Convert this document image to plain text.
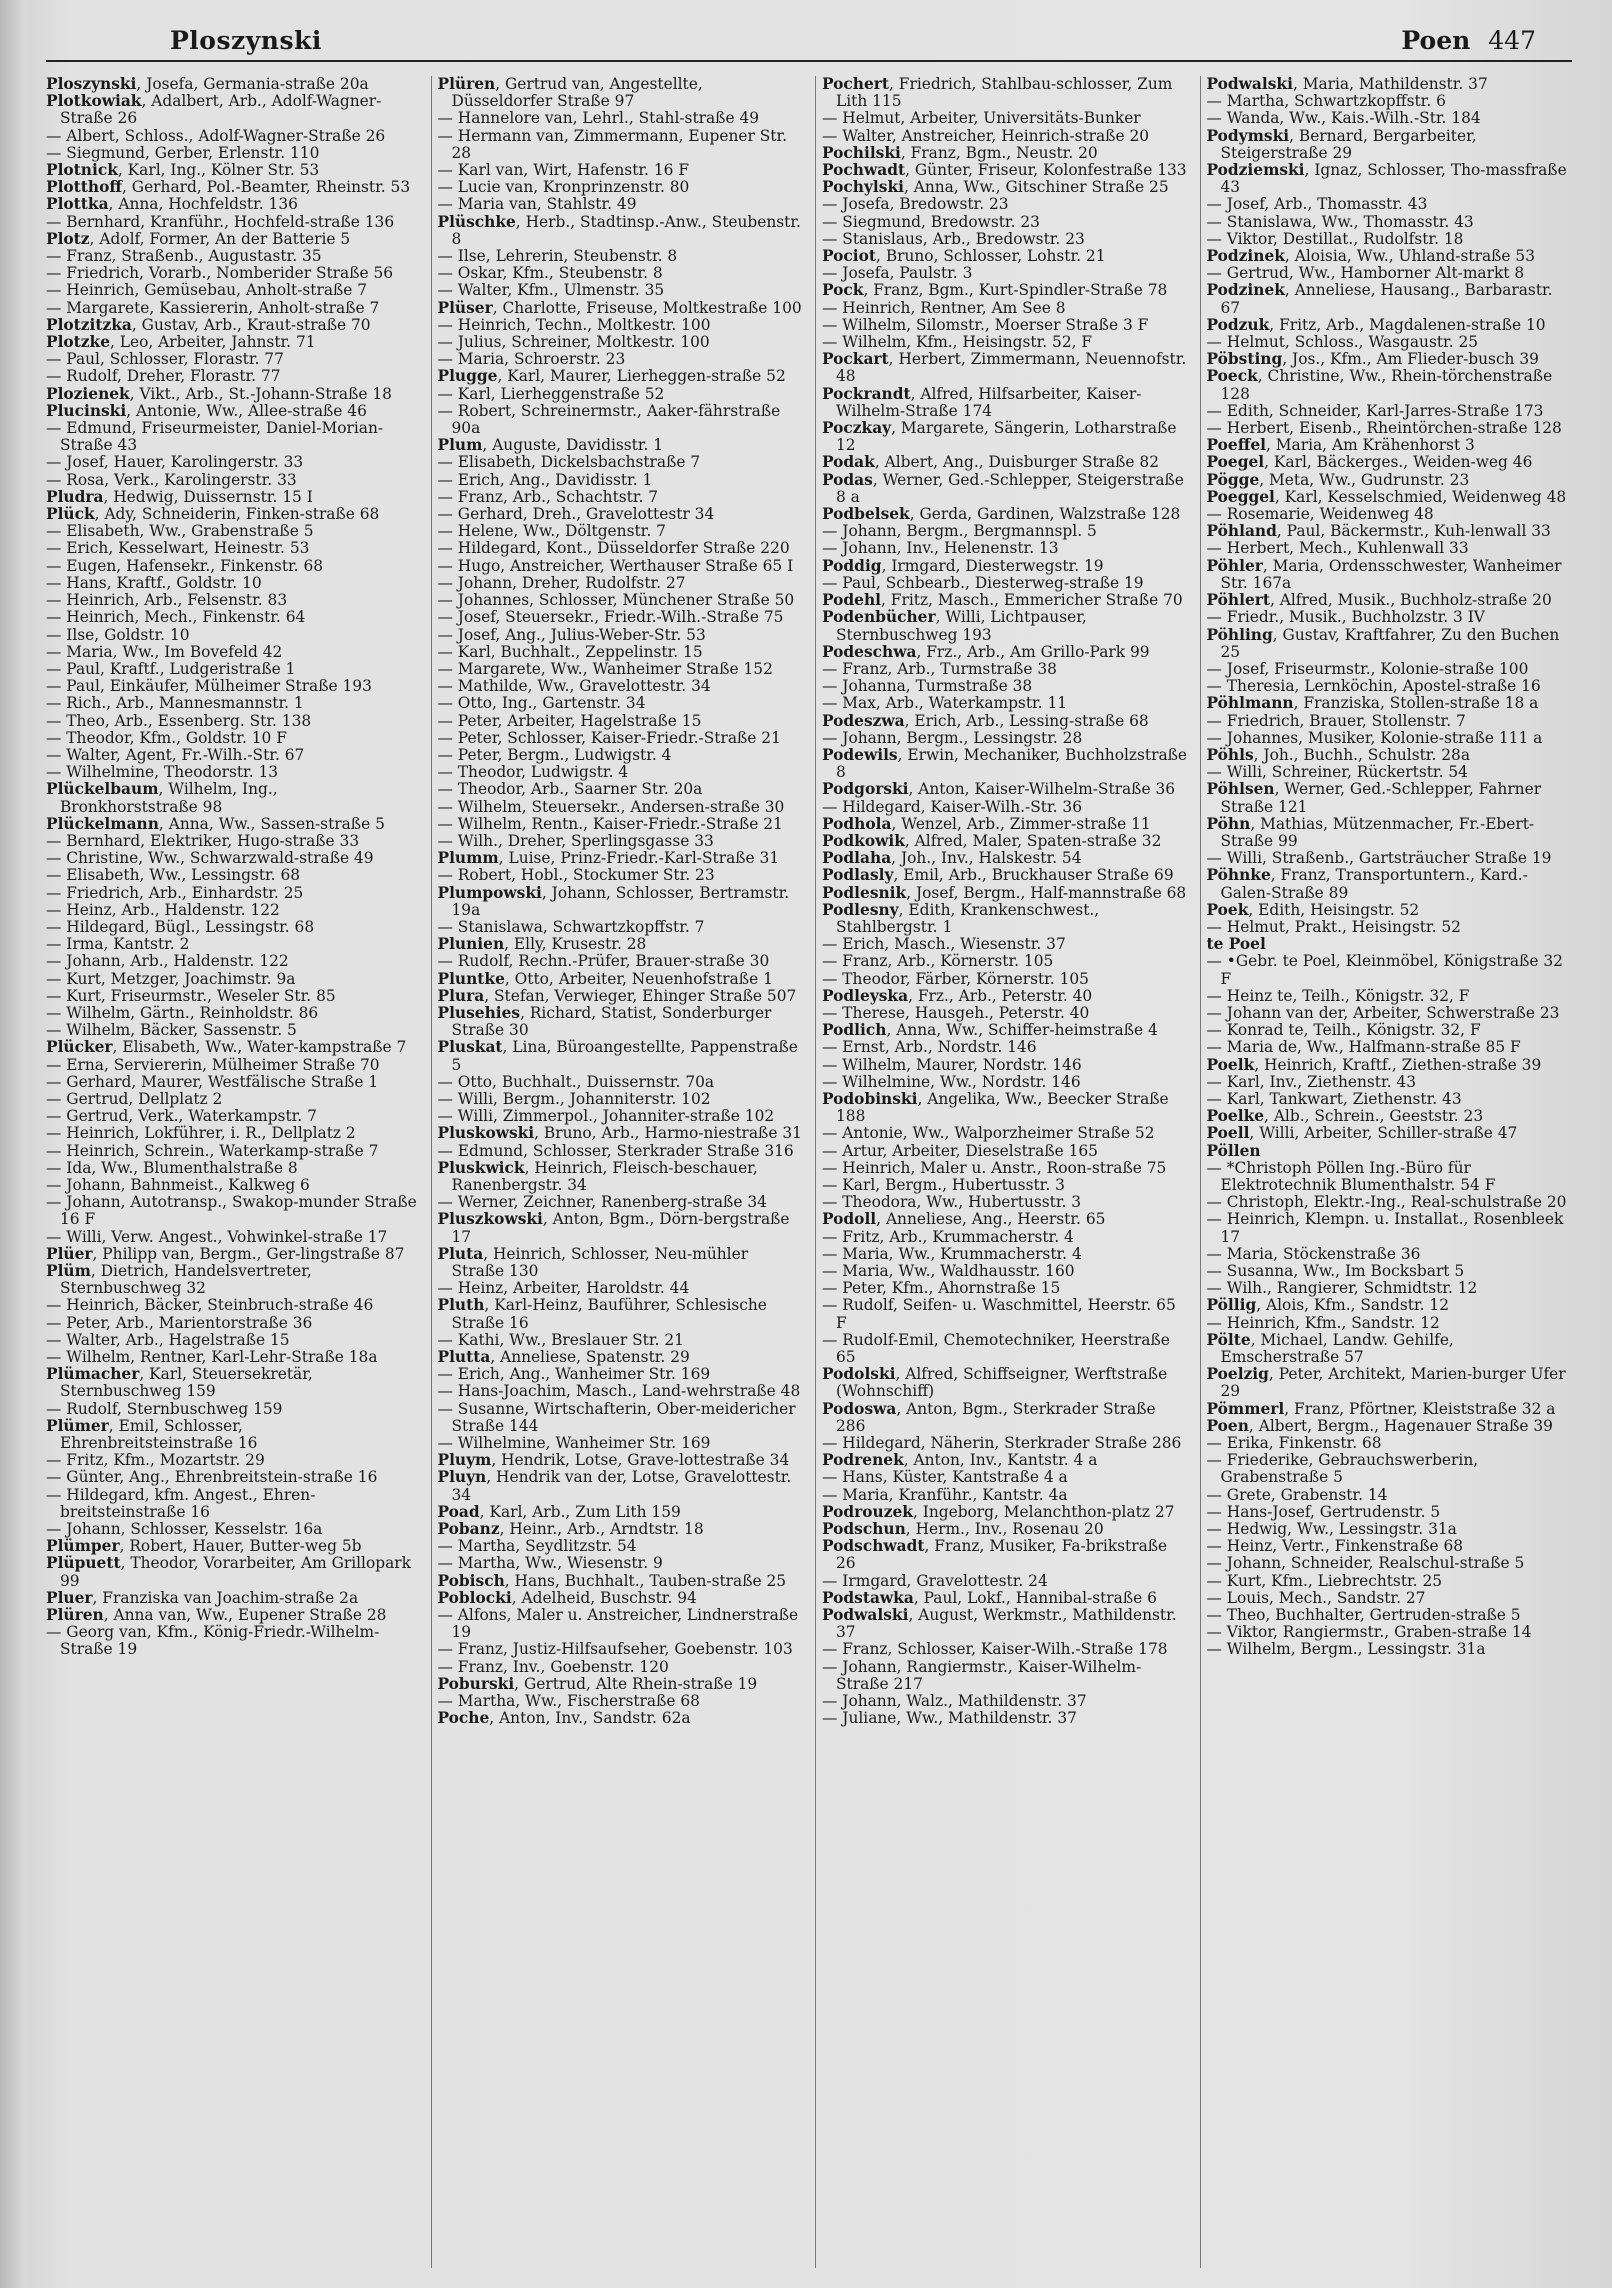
Ploszynski	Poen 447
Ploszynski, Josefa, Germania-straße 20a
Plotkowiak, Adalbert, Arb., Adolf-Wagner-Straße 26
— Albert, Schloss., Adolf-Wagner-Straße 26
— Siegmund, Gerber, Erlenstr. 110
Plotnick, Karl, Ing., Kölner Str. 53
Plotthoff, Gerhard, Pol.-Beamter, Rheinstr. 53
Plottka, Anna, Hochfeldstr. 136
— Bernhard, Kranführ., Hochfeld-straße 136
Plotz, Adolf, Former, An der Batterie 5
— Franz, Straßenb., Augustastr. 35
— Friedrich, Vorarb., Nomberider Straße 56
— Heinrich, Gemüsebau, Anholt-straße 7
— Margarete, Kassiererin, Anholt-straße 7
Plotzitzka, Gustav, Arb., Kraut-straße 70
Plotzke, Leo, Arbeiter, Jahnstr. 71
— Paul, Schlosser, Florastr. 77
— Rudolf, Dreher, Florastr. 77
Plozienek, Vikt., Arb., St.-Johann-Straße 18
Plucinski, Antonie, Ww., Allee-straße 46
— Edmund, Friseurmeister, Daniel-Morian-Straße 43
— Josef, Hauer, Karolingerstr. 33
— Rosa, Verk., Karolingerstr. 33
Pludra, Hedwig, Duissernstr. 15 I
Plück, Ady, Schneiderin, Finken-straße 68
— Elisabeth, Ww., Grabenstraße 5
— Erich, Kesselwart, Heinestr. 53
— Eugen, Hafensekr., Finkenstr. 68
— Hans, Kraftf., Goldstr. 10
— Heinrich, Arb., Felsenstr. 83
— Heinrich, Mech., Finkenstr. 64
— Ilse, Goldstr. 10
— Maria, Ww., Im Bovefeld 42
— Paul, Kraftf., Ludgeristraße 1
— Paul, Einkäufer, Mülheimer Straße 193
— Rich., Arb., Mannesmannstr. 1
— Theo, Arb., Essenberg. Str. 138
— Theodor, Kfm., Goldstr. 10 F
— Walter, Agent, Fr.-Wilh.-Str. 67
— Wilhelmine, Theodorstr. 13
Plückelbaum, Wilhelm, Ing., Bronkhorststraße 98
Plückelmann, Anna, Ww., Sassen-straße 5
— Bernhard, Elektriker, Hugo-straße 33
— Christine, Ww., Schwarzwald-straße 49
— Elisabeth, Ww., Lessingstr. 68
— Friedrich, Arb., Einhardstr. 25
— Heinz, Arb., Haldenstr. 122
— Hildegard, Bügl., Lessingstr. 68
— Irma, Kantstr. 2
— Johann, Arb., Haldenstr. 122
— Kurt, Metzger, Joachimstr. 9a
— Kurt, Friseurmstr., Weseler Str. 85
— Wilhelm, Gärtn., Reinholdstr. 86
— Wilhelm, Bäcker, Sassenstr. 5
Plücker, Elisabeth, Ww., Water-kampstraße 7
— Erna, Serviererin, Mülheimer Straße 70
— Gerhard, Maurer, Westfälische Straße 1
— Gertrud, Dellplatz 2
— Gertrud, Verk., Waterkampstr. 7
— Heinrich, Lokführer, i. R., Dellplatz 2
— Heinrich, Schrein., Waterkamp-straße 7
— Ida, Ww., Blumenthalstraße 8
— Johann, Bahnmeist., Kalkweg 6
— Johann, Autotransp., Swakop-munder Straße 16 F
— Willi, Verw. Angest., Vohwinkel-straße 17
Plüer, Philipp van, Bergm., Ger-lingstraße 87
Plüm, Dietrich, Handelsvertreter, Sternbuschweg 32
— Heinrich, Bäcker, Steinbruch-straße 46
— Peter, Arb., Marientorstraße 36
— Walter, Arb., Hagelstraße 15
— Wilhelm, Rentner, Karl-Lehr-Straße 18a
Plümacher, Karl, Steuersekretär, Sternbuschweg 159
— Rudolf, Sternbuschweg 159
Plümer, Emil, Schlosser, Ehrenbreitsteinstraße 16
— Fritz, Kfm., Mozartstr. 29
— Günter, Ang., Ehrenbreitstein-straße 16
— Hildegard, kfm. Angest., Ehren-breitsteinstraße 16
— Johann, Schlosser, Kesselstr. 16a
Plümper, Robert, Hauer, Butter-weg 5b
Plüpuett, Theodor, Vorarbeiter, Am Grillopark 99
Pluer, Franziska van Joachim-straße 2a
Plüren, Anna van, Ww., Eupener Straße 28
— Georg van, Kfm., König-Friedr.-Wilhelm-Straße 19
Plüren, Gertrud van, Angestellte, Düsseldorfer Straße 97
— Hannelore van, Lehrl., Stahl-straße 49
— Hermann van, Zimmermann, Eupener Str. 28
— Karl van, Wirt, Hafenstr. 16 F
— Lucie van, Kronprinzenstr. 80
— Maria van, Stahlstr. 49
Plüschke, Herb., Stadtinsp.-Anw., Steubenstr. 8
— Ilse, Lehrerin, Steubenstr. 8
— Oskar, Kfm., Steubenstr. 8
— Walter, Kfm., Ulmenstr. 35
Plüser, Charlotte, Friseuse, Moltkestraße 100
— Heinrich, Techn., Moltkestr. 100
— Julius, Schreiner, Moltkestr. 100
— Maria, Schroerstr. 23
Plugge, Karl, Maurer, Lierheggen-straße 52
— Karl, Lierheggenstraße 52
— Robert, Schreinermstr., Aaker-fährstraße 90a
Plum, Auguste, Davidisstr. 1
— Elisabeth, Dickelsbachstraße 7
— Erich, Ang., Davidisstr. 1
— Franz, Arb., Schachtstr. 7
— Gerhard, Dreh., Gravelottestr 34
— Helene, Ww., Döltgenstr. 7
— Hildegard, Kont., Düsseldorfer Straße 220
— Hugo, Anstreicher, Werthauser Straße 65 I
— Johann, Dreher, Rudolfstr. 27
— Johannes, Schlosser, Münchener Straße 50
— Josef, Steuersekr., Friedr.-Wilh.-Straße 75
— Josef, Ang., Julius-Weber-Str. 53
— Karl, Buchhalt., Zeppelinstr. 15
— Margarete, Ww., Wanheimer Straße 152
— Mathilde, Ww., Gravelottestr. 34
— Otto, Ing., Gartenstr. 34
— Peter, Arbeiter, Hagelstraße 15
— Peter, Schlosser, Kaiser-Friedr.-Straße 21
— Peter, Bergm., Ludwigstr. 4
— Theodor, Ludwigstr. 4
— Theodor, Arb., Saarner Str. 20a
— Wilhelm, Steuersekr., Andersen-straße 30
— Wilhelm, Rentn., Kaiser-Friedr.-Straße 21
— Wilh., Dreher, Sperlingsgasse 33
Plumm, Luise, Prinz-Friedr.-Karl-Straße 31
— Robert, Hobl., Stockumer Str. 23
Plumpowski, Johann, Schlosser, Bertramstr. 19a
— Stanislawa, Schwartzkopffstr. 7
Plunien, Elly, Krusestr. 28
— Rudolf, Rechn.-Prüfer, Brauer-straße 30
Pluntke, Otto, Arbeiter, Neuenhofstraße 1
Plura, Stefan, Verwieger, Ehinger Straße 507
Plusehies, Richard, Statist, Sonderburger Straße 30
Pluskat, Lina, Büroangestellte, Pappenstraße 5
— Otto, Buchhalt., Duissernstr. 70a
— Willi, Bergm., Johanniterstr. 102
— Willi, Zimmerpol., Johanniter-straße 102
Pluskowski, Bruno, Arb., Harmo-niestraße 31
— Edmund, Schlosser, Sterkrader Straße 316
Pluskwick, Heinrich, Fleisch-beschauer, Ranenbergstr. 34
— Werner, Zeichner, Ranenberg-straße 34
Pluszkowski, Anton, Bgm., Dörn-bergstraße 17
Pluta, Heinrich, Schlosser, Neu-mühler Straße 130
— Heinz, Arbeiter, Haroldstr. 44
Pluth, Karl-Heinz, Bauführer, Schlesische Straße 16
— Kathi, Ww., Breslauer Str. 21
Plutta, Anneliese, Spatenstr. 29
— Erich, Ang., Wanheimer Str. 169
— Hans-Joachim, Masch., Land-wehrstraße 48
— Susanne, Wirtschafterin, Ober-meidericher Straße 144
— Wilhelmine, Wanheimer Str. 169
Pluym, Hendrik, Lotse, Grave-lottestraße 34
Pluyn, Hendrik van der, Lotse, Gravelottestr. 34
Poad, Karl, Arb., Zum Lith 159
Pobanz, Heinr., Arb., Arndtstr. 18
— Martha, Seydlitzstr. 54
— Martha, Ww., Wiesenstr. 9
Pobisch, Hans, Buchhalt., Tauben-straße 25
Poblocki, Adelheid, Buschstr. 94
— Alfons, Maler u. Anstreicher, Lindnerstraße 19
— Franz, Justiz-Hilfsaufseher, Goebenstr. 103
— Franz, Inv., Goebenstr. 120
Poburski, Gertrud, Alte Rhein-straße 19
— Martha, Ww., Fischerstraße 68
Poche, Anton, Inv., Sandstr. 62a
Pochert, Friedrich, Stahlbau-schlosser, Zum Lith 115
— Helmut, Arbeiter, Universitäts-Bunker
— Walter, Anstreicher, Heinrich-straße 20
Pochilski, Franz, Bgm., Neustr. 20
Pochwadt, Günter, Friseur, Kolonfestraße 133
Pochylski, Anna, Ww., Gitschiner Straße 25
— Josefa, Bredowstr. 23
— Siegmund, Bredowstr. 23
— Stanislaus, Arb., Bredowstr. 23
Pociot, Bruno, Schlosser, Lohstr. 21
— Josefa, Paulstr. 3
Pock, Franz, Bgm., Kurt-Spindler-Straße 78
— Heinrich, Rentner, Am See 8
— Wilhelm, Silomstr., Moerser Straße 3 F
— Wilhelm, Kfm., Heisingstr. 52, F
Pockart, Herbert, Zimmermann, Neuennofstr. 48
Pockrandt, Alfred, Hilfsarbeiter, Kaiser-Wilhelm-Straße 174
Poczkay, Margarete, Sängerin, Lotharstraße 12
Podak, Albert, Ang., Duisburger Straße 82
Podas, Werner, Ged.-Schlepper, Steigerstraße 8 a
Podbelsek, Gerda, Gardinen, Walzstraße 128
— Johann, Bergm., Bergmannspl. 5
— Johann, Inv., Helenenstr. 13
Poddig, Irmgard, Diesterwegstr. 19
— Paul, Schbearb., Diesterweg-straße 19
Podehl, Fritz, Masch., Emmericher Straße 70
Podenbücher, Willi, Lichtpauser, Sternbuschweg 193
Podeschwa, Frz., Arb., Am Grillo-Park 99
— Franz, Arb., Turmstraße 38
— Johanna, Turmstraße 38
— Max, Arb., Waterkampstr. 11
Podeszwa, Erich, Arb., Lessing-straße 68
— Johann, Bergm., Lessingstr. 28
Podewils, Erwin, Mechaniker, Buchholzstraße 8
Podgorski, Anton, Kaiser-Wilhelm-Straße 36
— Hildegard, Kaiser-Wilh.-Str. 36
Podhola, Wenzel, Arb., Zimmer-straße 11
Podkowik, Alfred, Maler, Spaten-straße 32
Podlaha, Joh., Inv., Halskestr. 54
Podlasly, Emil, Arb., Bruckhauser Straße 69
Podlesnik, Josef, Bergm., Half-mannstraße 68
Podlesny, Edith, Krankenschwest., Stahlbergstr. 1
— Erich, Masch., Wiesenstr. 37
— Franz, Arb., Körnerstr. 105
— Theodor, Färber, Körnerstr. 105
Podleyska, Frz., Arb., Peterstr. 40
— Therese, Hausgeh., Peterstr. 40
Podlich, Anna, Ww., Schiffer-heimstraße 4
— Ernst, Arb., Nordstr. 146
— Wilhelm, Maurer, Nordstr. 146
— Wilhelmine, Ww., Nordstr. 146
Podobinski, Angelika, Ww., Beecker Straße 188
— Antonie, Ww., Walporzheimer Straße 52
— Artur, Arbeiter, Dieselstraße 165
— Heinrich, Maler u. Anstr., Roon-straße 75
— Karl, Bergm., Hubertusstr. 3
— Theodora, Ww., Hubertusstr. 3
Podoll, Anneliese, Ang., Heerstr. 65
— Fritz, Arb., Krummacherstr. 4
— Maria, Ww., Krummacherstr. 4
— Maria, Ww., Waldhausstr. 160
— Peter, Kfm., Ahornstraße 15
— Rudolf, Seifen- u. Waschmittel, Heerstr. 65 F
— Rudolf-Emil, Chemotechniker, Heerstraße 65
Podolski, Alfred, Schiffseigner, Werftstraße (Wohnschiff)
Podoswa, Anton, Bgm., Sterkrader Straße 286
— Hildegard, Näherin, Sterkrader Straße 286
Podrenek, Anton, Inv., Kantstr. 4 a
— Hans, Küster, Kantstraße 4 a
— Maria, Kranführ., Kantstr. 4a
Podrouzek, Ingeborg, Melanchthon-platz 27
Podschun, Herm., Inv., Rosenau 20
Podschwadt, Franz, Musiker, Fa-brikstraße 26
— Irmgard, Gravelottestr. 24
Podstawka, Paul, Lokf., Hannibal-straße 6
Podwalski, August, Werkmstr., Mathildenstr. 37
— Franz, Schlosser, Kaiser-Wilh.-Straße 178
— Johann, Rangiermstr., Kaiser-Wilhelm-Straße 217
— Johann, Walz., Mathildenstr. 37
— Juliane, Ww., Mathildenstr. 37
Podwalski, Maria, Mathildenstr. 37
— Martha, Schwartzkopffstr. 6
— Wanda, Ww., Kais.-Wilh.-Str. 184
Podymski, Bernard, Bergarbeiter, Steigerstraße 29
Podziemski, Ignaz, Schlosser, Tho-massfraße 43
— Josef, Arb., Thomasstr. 43
— Stanislawa, Ww., Thomasstr. 43
— Viktor, Destillat., Rudolfstr. 18
Podzinek, Aloisia, Ww., Uhland-straße 53
— Gertrud, Ww., Hamborner Alt-markt 8
Podzinek, Anneliese, Hausang., Barbarastr. 67
Podzuk, Fritz, Arb., Magdalenen-straße 10
— Helmut, Schloss., Wasgaustr. 25
Pöbsting, Jos., Kfm., Am Flieder-busch 39
Poeck, Christine, Ww., Rhein-törchenstraße 128
— Edith, Schneider, Karl-Jarres-Straße 173
— Herbert, Eisenb., Rheintörchen-straße 128
Poeffel, Maria, Am Krähenhorst 3
Poegel, Karl, Bäckerges., Weiden-weg 46
Pögge, Meta, Ww., Gudrunstr. 23
Poeggel, Karl, Kesselschmied, Weidenweg 48
— Rosemarie, Weidenweg 48
Pöhland, Paul, Bäckermstr., Kuh-lenwall 33
— Herbert, Mech., Kuhlenwall 33
Pöhler, Maria, Ordensschwester, Wanheimer Str. 167a
Pöhlert, Alfred, Musik., Buchholz-straße 20
— Friedr., Musik., Buchholzstr. 3 IV
Pöhling, Gustav, Kraftfahrer, Zu den Buchen 25
— Josef, Friseurmstr., Kolonie-straße 100
— Theresia, Lernköchin, Apostel-straße 16
Pöhlmann, Franziska, Stollen-straße 18 a
— Friedrich, Brauer, Stollenstr. 7
— Johannes, Musiker, Kolonie-straße 111 a
Pöhls, Joh., Buchh., Schulstr. 28a
— Willi, Schreiner, Rückertstr. 54
Pöhlsen, Werner, Ged.-Schlepper, Fahrner Straße 121
Pöhn, Mathias, Mützenmacher, Fr.-Ebert-Straße 99
— Willi, Straßenb., Gartsträucher Straße 19
Pöhnke, Franz, Transportuntern., Kard.-Galen-Straße 89
Poek, Edith, Heisingstr. 52
— Helmut, Prakt., Heisingstr. 52
te Poel
— •Gebr. te Poel, Kleinmöbel, Königstraße 32 F
— Heinz te, Teilh., Königstr. 32, F
— Johann van der, Arbeiter, Schwerstraße 23
— Konrad te, Teilh., Königstr. 32, F
— Maria de, Ww., Halfmann-straße 85 F
Poelk, Heinrich, Kraftf., Ziethen-straße 39
— Karl, Inv., Ziethenstr. 43
— Karl, Tankwart, Ziethenstr. 43
Poelke, Alb., Schrein., Geeststr. 23
Poell, Willi, Arbeiter, Schiller-straße 47
Pöllen
— *Christoph Pöllen Ing.-Büro für Elektrotechnik Blumenthalstr. 54 F
— Christoph, Elektr.-Ing., Real-schulstraße 20
— Heinrich, Klempn. u. Installat., Rosenbleek 17
— Maria, Stöckenstraße 36
— Susanna, Ww., Im Bocksbart 5
— Wilh., Rangierer, Schmidtstr. 12
Pöllig, Alois, Kfm., Sandstr. 12
— Heinrich, Kfm., Sandstr. 12
Pölte, Michael, Landw. Gehilfe, Emscherstraße 57
Poelzig, Peter, Architekt, Marien-burger Ufer 29
Pömmerl, Franz, Pförtner, Kleiststraße 32 a
Poen, Albert, Bergm., Hagenauer Straße 39
— Erika, Finkenstr. 68
— Friederike, Gebrauchswerberin, Grabenstraße 5
— Grete, Grabenstr. 14
— Hans-Josef, Gertrudenstr. 5
— Hedwig, Ww., Lessingstr. 31a
— Heinz, Vertr., Finkenstraße 68
— Johann, Schneider, Realschul-straße 5
— Kurt, Kfm., Liebrechtstr. 25
— Louis, Mech., Sandstr. 27
— Theo, Buchhalter, Gertruden-straße 5
— Viktor, Rangiermstr., Graben-straße 14
— Wilhelm, Bergm., Lessingstr. 31a
